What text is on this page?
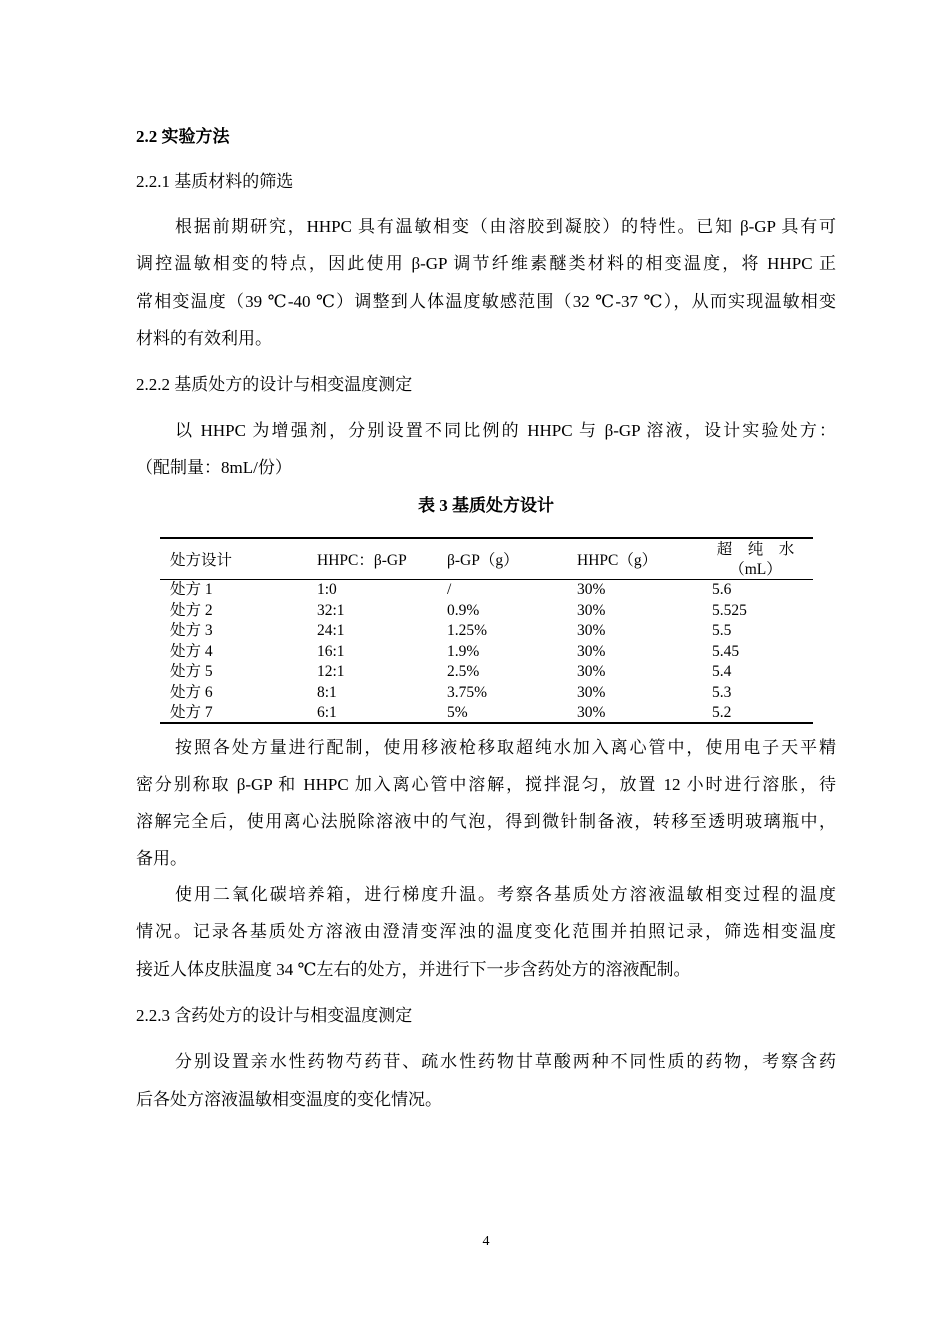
2.2 实验方法
2.2.1 基质材料的筛选
根据前期研究，HHPC 具有温敏相变（由溶胶到凝胶）的特性。已知 β-GP 具有可
调控温敏相变的特点，因此使用 β-GP 调节纤维素醚类材料的相变温度，将 HHPC 正
常相变温度（39 ℃-40 ℃）调整到人体温度敏感范围（32 ℃-37 ℃），从而实现温敏相变
材料的有效利用。
2.2.2 基质处方的设计与相变温度测定
以 HHPC 为增强剂，分别设置不同比例的 HHPC 与 β-GP 溶液，设计实验处方：
（配制量：8mL/份）
表 3 基质处方设计
处方设计	HHPC：β-GP	β-GP（g）	HHPC（g）
超　纯　水
（mL）
处方 1	1:0	/	30%	5.6
处方 2	32:1	0.9%	30%	5.525
处方 3	24:1	1.25%	30%	5.5
处方 4	16:1	1.9%	30%	5.45
处方 5	12:1	2.5%	30%	5.4
处方 6	8:1	3.75%	30%	5.3
处方 7	6:1	5%	30%	5.2
按照各处方量进行配制，使用移液枪移取超纯水加入离心管中，使用电子天平精
密分别称取 β-GP 和 HHPC 加入离心管中溶解，搅拌混匀，放置 12 小时进行溶胀，待
溶解完全后，使用离心法脱除溶液中的气泡，得到微针制备液，转移至透明玻璃瓶中，
备用。
使用二氧化碳培养箱，进行梯度升温。考察各基质处方溶液温敏相变过程的温度
情况。记录各基质处方溶液由澄清变浑浊的温度变化范围并拍照记录，筛选相变温度
接近人体皮肤温度 34 ℃左右的处方，并进行下一步含药处方的溶液配制。
2.2.3 含药处方的设计与相变温度测定
分别设置亲水性药物芍药苷、疏水性药物甘草酸两种不同性质的药物，考察含药
后各处方溶液温敏相变温度的变化情况。
4
